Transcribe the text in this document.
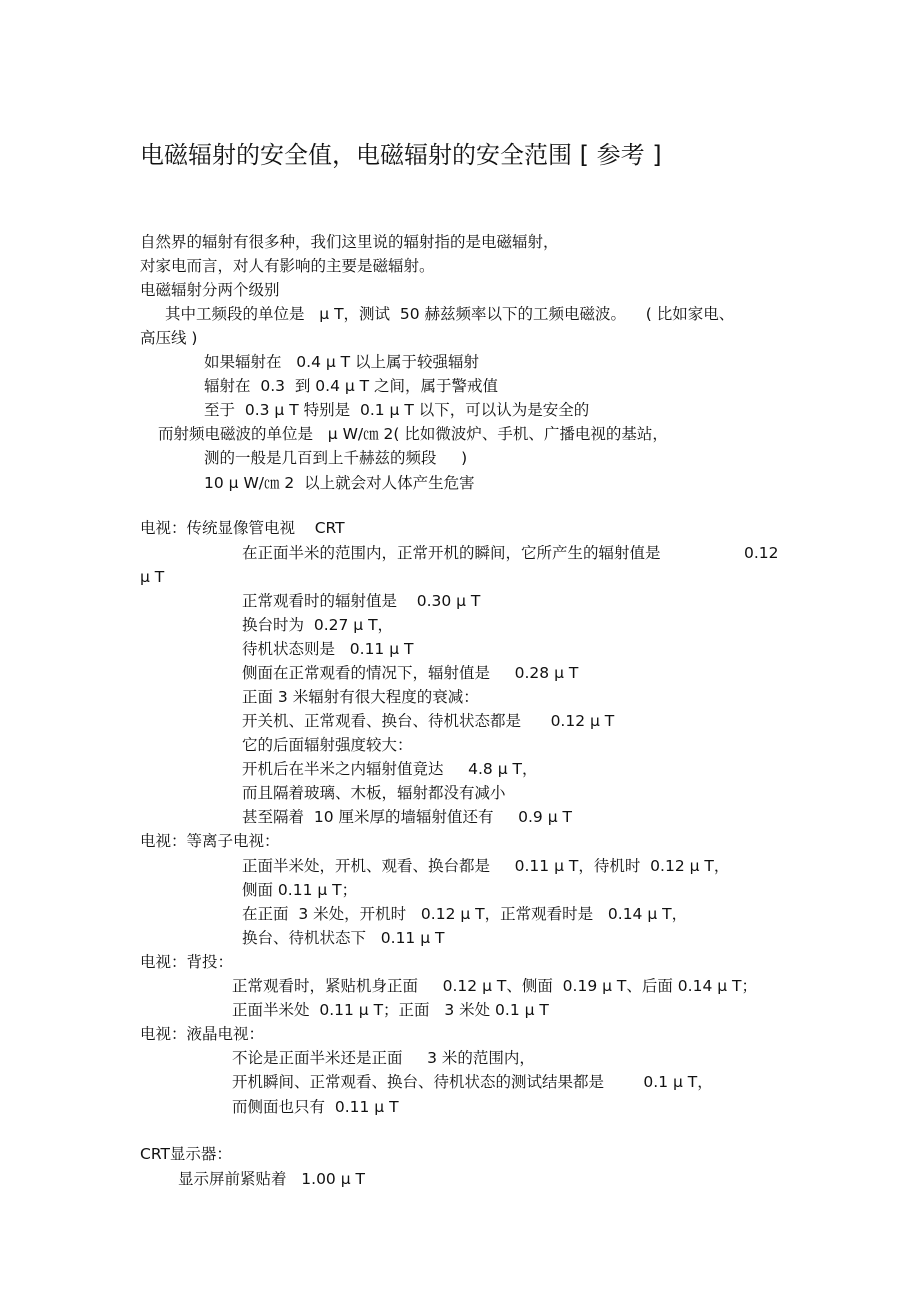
电磁辐射的安全值，电磁辐射的安全范围 [ 参考 ]

自然界的辐射有很多种，我们这里说的辐射指的是电磁辐射，

对家电而言，对人有影响的主要是磁辐射。

电磁辐射分两个级别

其中工频段的单位是   μ T，测试  50 赫兹频率以下的工频电磁波。    ( 比如家电、

高压线 )

如果辐射在   0.4 μ T 以上属于较强辐射

辐射在  0.3  到 0.4 μ T 之间，属于警戒值

至于  0.3 μ T 特别是  0.1 μ T 以下，可以认为是安全的

而射频电磁波的单位是   μ W/㎝ 2( 比如微波炉、手机、广播电视的基站，

测的一般是几百到上千赫兹的频段     )

10 μ W/㎝ 2  以上就会对人体产生危害

电视：传统显像管电视    CRT

在正面半米的范围内，正常开机的瞬间，它所产生的辐射值是	0.12

μ T

正常观看时的辐射值是    0.30 μ T

换台时为  0.27 μ T，

待机状态则是   0.11 μ T

侧面在正常观看的情况下，辐射值是     0.28 μ T

正面 3 米辐射有很大程度的衰减：

开关机、正常观看、换台、待机状态都是      0.12 μ T

它的后面辐射强度较大：

开机后在半米之内辐射值竟达     4.8 μ T，

而且隔着玻璃、木板，辐射都没有减小

甚至隔着  10 厘米厚的墙辐射值还有     0.9 μ T

电视：等离子电视：

正面半米处，开机、观看、换台都是     0.11 μ T，待机时  0.12 μ T，

侧面 0.11 μ T；

在正面  3 米处，开机时   0.12 μ T，正常观看时是   0.14 μ T，

换台、待机状态下   0.11 μ T

电视：背投：

正常观看时，紧贴机身正面     0.12 μ T、侧面  0.19 μ T、后面 0.14 μ T；

正面半米处  0.11 μ T；正面   3 米处 0.1 μ T

电视：液晶电视：

不论是正面半米还是正面     3 米的范围内，

开机瞬间、正常观看、换台、待机状态的测试结果都是        0.1 μ T，

而侧面也只有  0.11 μ T

CRT显示器：

显示屏前紧贴着   1.00 μ T
